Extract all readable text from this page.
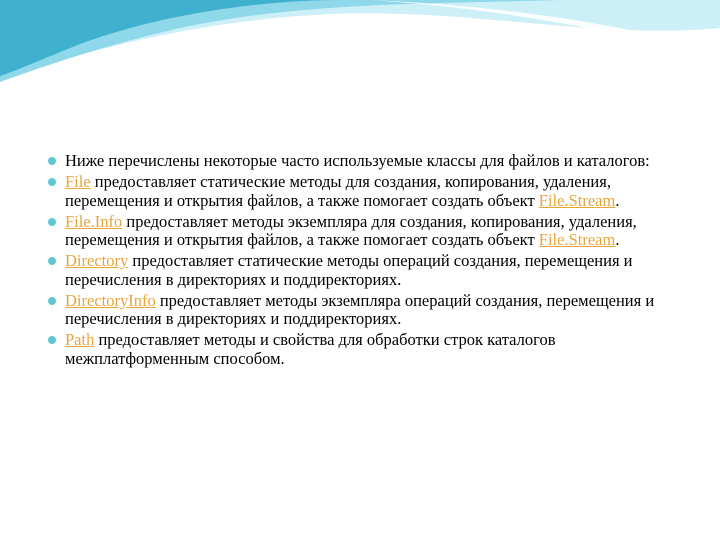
Ниже перечислены некоторые часто используемые классы для файлов и каталогов:
File предоставляет статические методы для создания, копирования, удаления, перемещения и открытия файлов, а также помогает создать объект File.Stream.
File.Info предоставляет методы экземпляра для создания, копирования, удаления, перемещения и открытия файлов, а также помогает создать объект File.Stream.
Directory предоставляет статические методы операций создания, перемещения и перечисления в директориях и поддиректориях.
DirectoryInfo предоставляет методы экземпляра операций создания, перемещения и перечисления в директориях и поддиректориях.
Path предоставляет методы и свойства для обработки строк каталогов межплатформенным способом.
